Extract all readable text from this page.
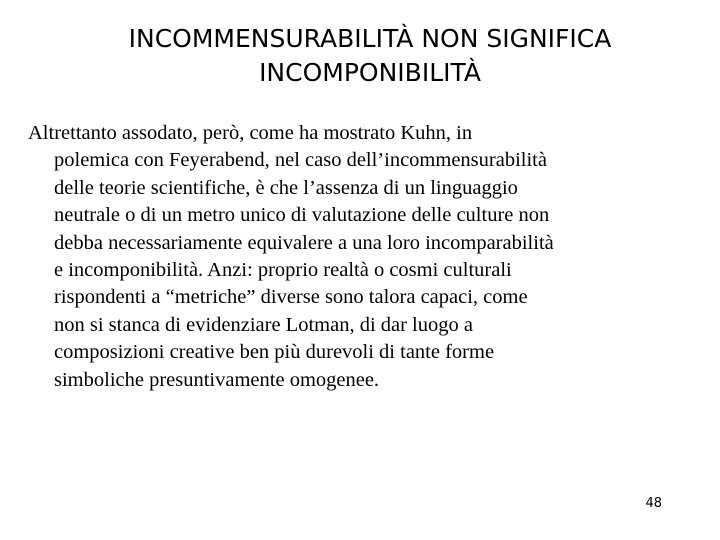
INCOMMENSURABILITÀ NON SIGNIFICA
INCOMPONIBILITÀ

Altrettanto assodato, però, come ha mostrato Kuhn, in
polemica con Feyerabend, nel caso dell’incommensurabilità
delle teorie scientifiche, è che l’assenza di un linguaggio
neutrale o di un metro unico di valutazione delle culture non
debba necessariamente equivalere a una loro incomparabilità
e incomponibilità. Anzi: proprio realtà o cosmi culturali
rispondenti a “metriche” diverse sono talora capaci, come
non si stanca di evidenziare Lotman, di dar luogo a
composizioni creative ben più durevoli di tante forme
simboliche presuntivamente omogenee.

48
